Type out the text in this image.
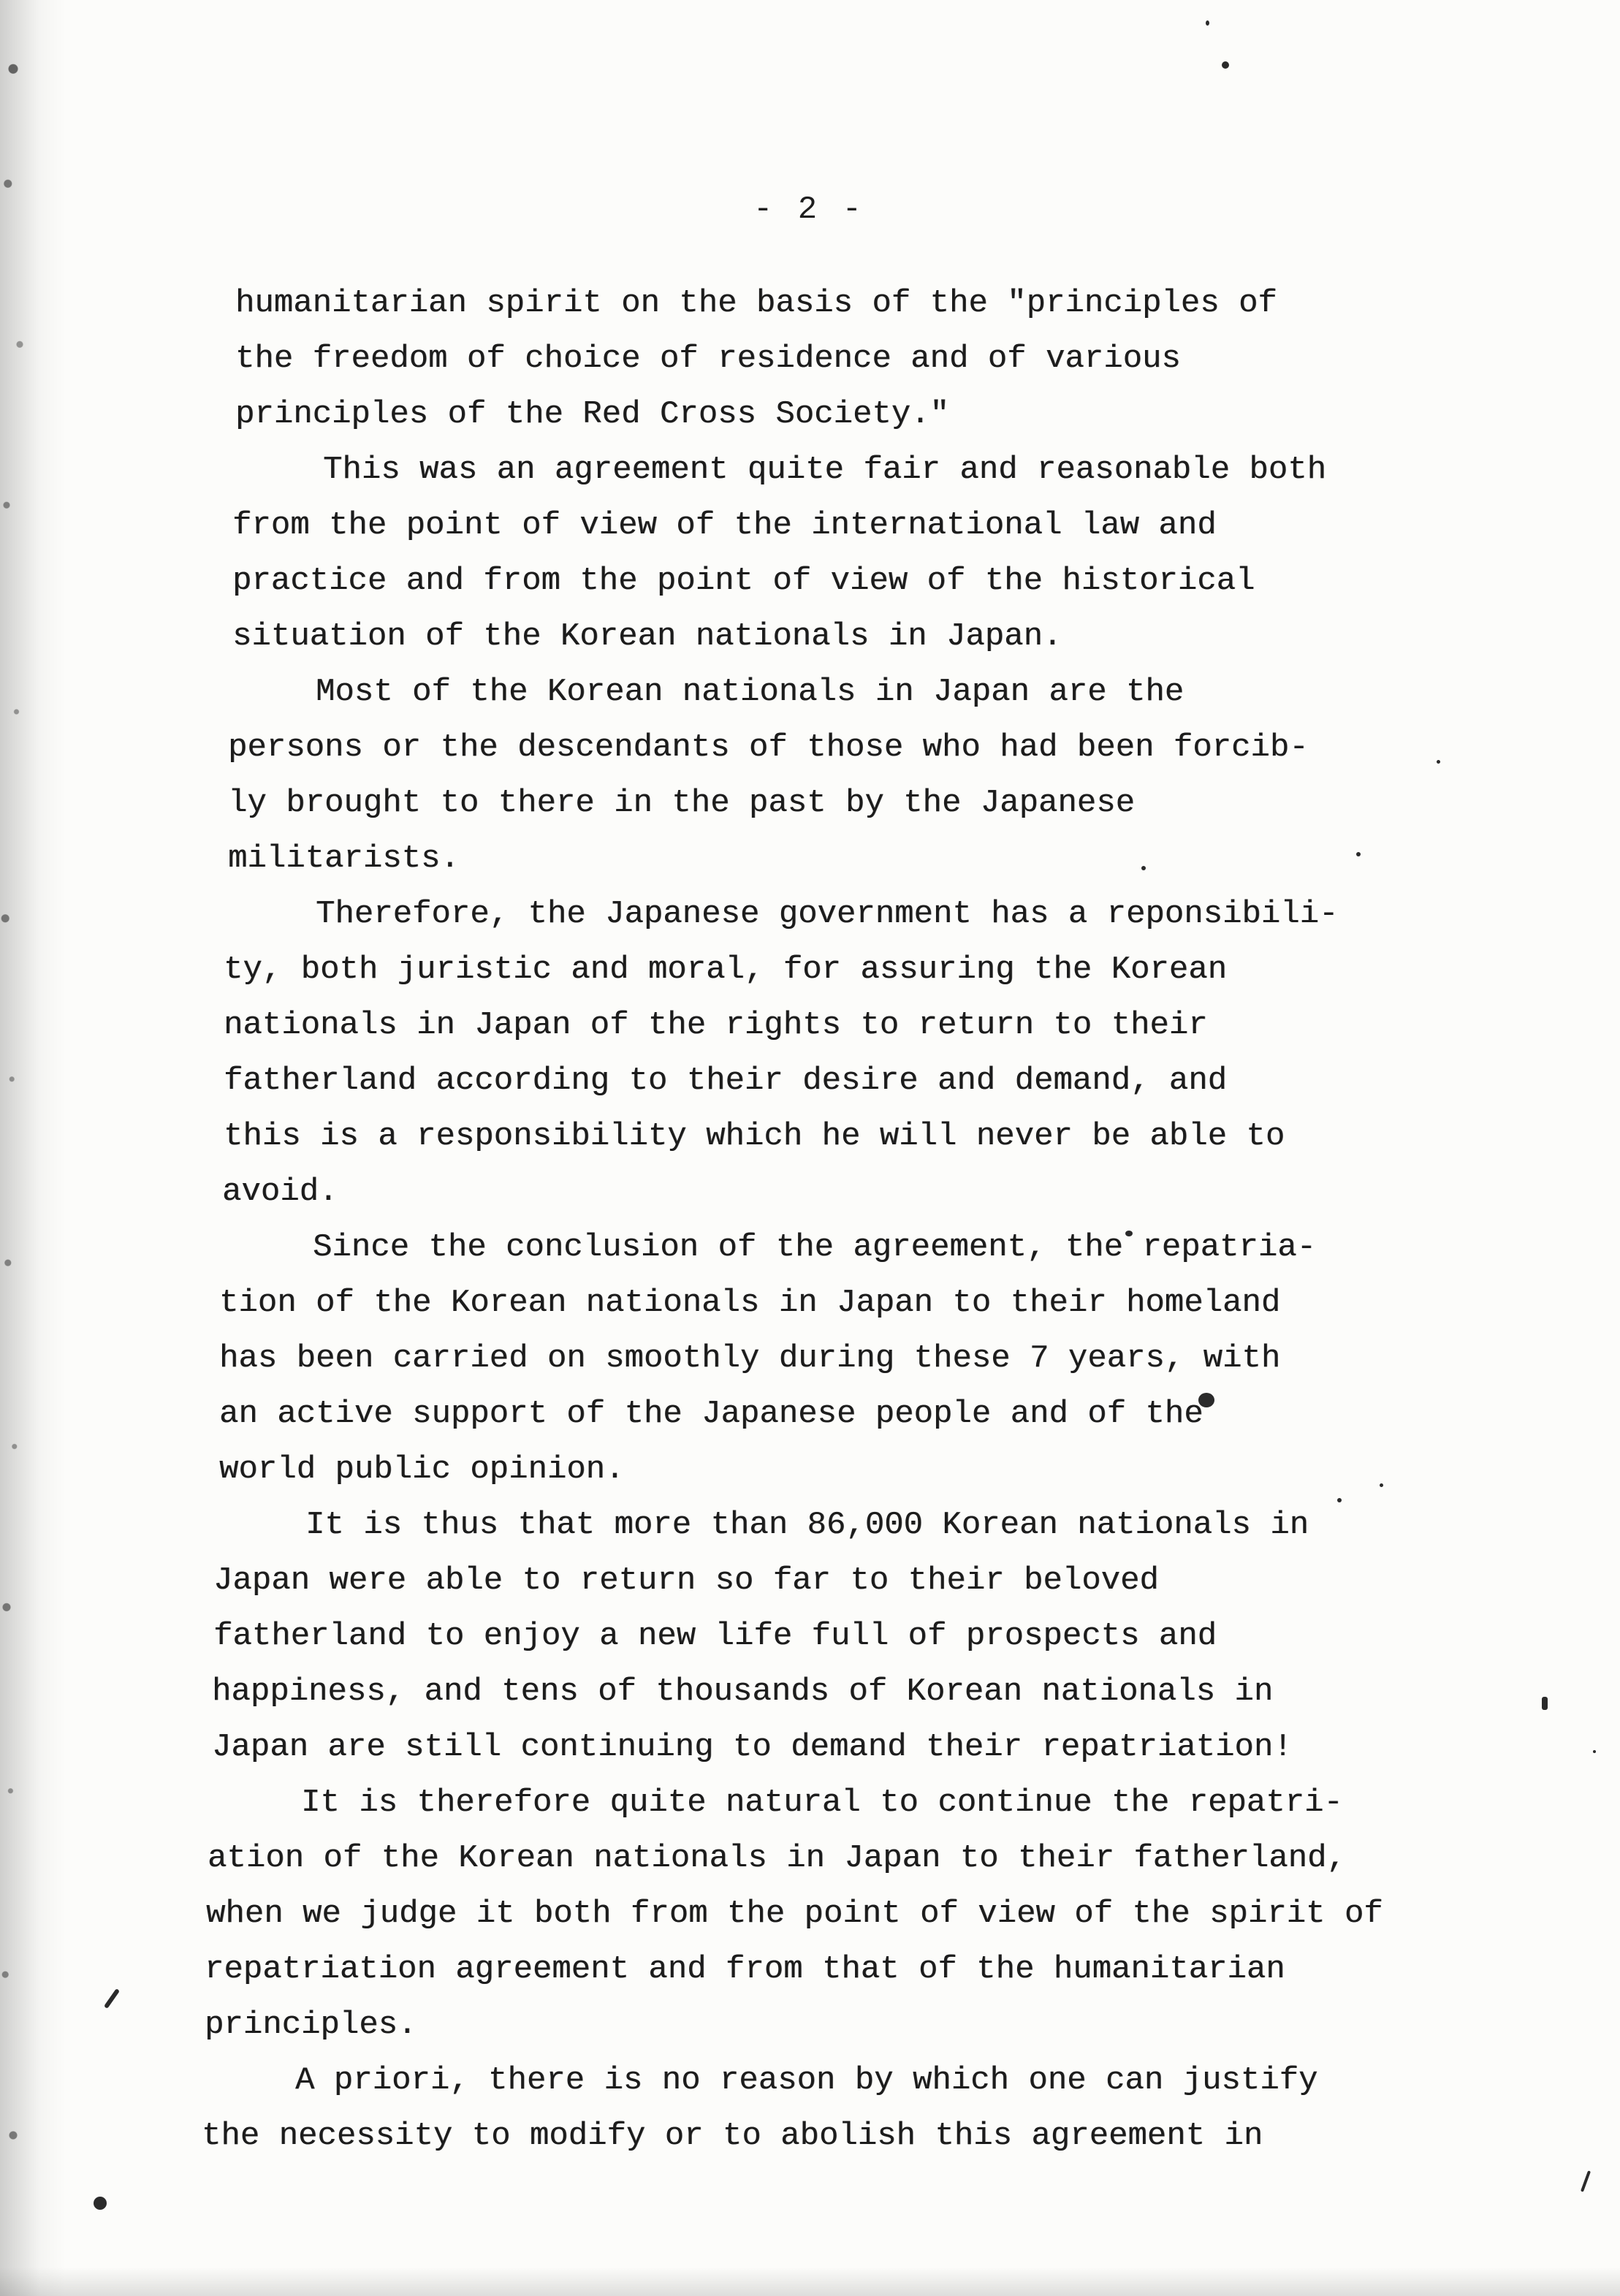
- 2 -

humanitarian spirit on the basis of the "principles of

the freedom of choice of residence and of various

principles of the Red Cross Society."

This was an agreement quite fair and reasonable both

from the point of view of the international law and

practice and from the point of view of the historical

situation of the Korean nationals in Japan.

Most of the Korean nationals in Japan are the

persons or the descendants of those who had been forcib-

ly brought to there in the past by the Japanese

militarists.

Therefore, the Japanese government has a reponsibili-

ty, both juristic and moral, for assuring the Korean

nationals in Japan of the rights to return to their

fatherland according to their desire and demand, and

this is a responsibility which he will never be able to

avoid.

Since the conclusion of the agreement, the repatria-

tion of the Korean nationals in Japan to their homeland

has been carried on smoothly during these 7 years, with

an active support of the Japanese people and of the

world public opinion.

It is thus that more than 86,000 Korean nationals in

Japan were able to return so far to their beloved

fatherland to enjoy a new life full of prospects and

happiness, and tens of thousands of Korean nationals in

Japan are still continuing to demand their repatriation!

It is therefore quite natural to continue the repatri-

ation of the Korean nationals in Japan to their fatherland,

when we judge it both from the point of view of the spirit of

repatriation agreement and from that of the humanitarian

principles.

A priori, there is no reason by which one can justify

the necessity to modify or to abolish this agreement in
